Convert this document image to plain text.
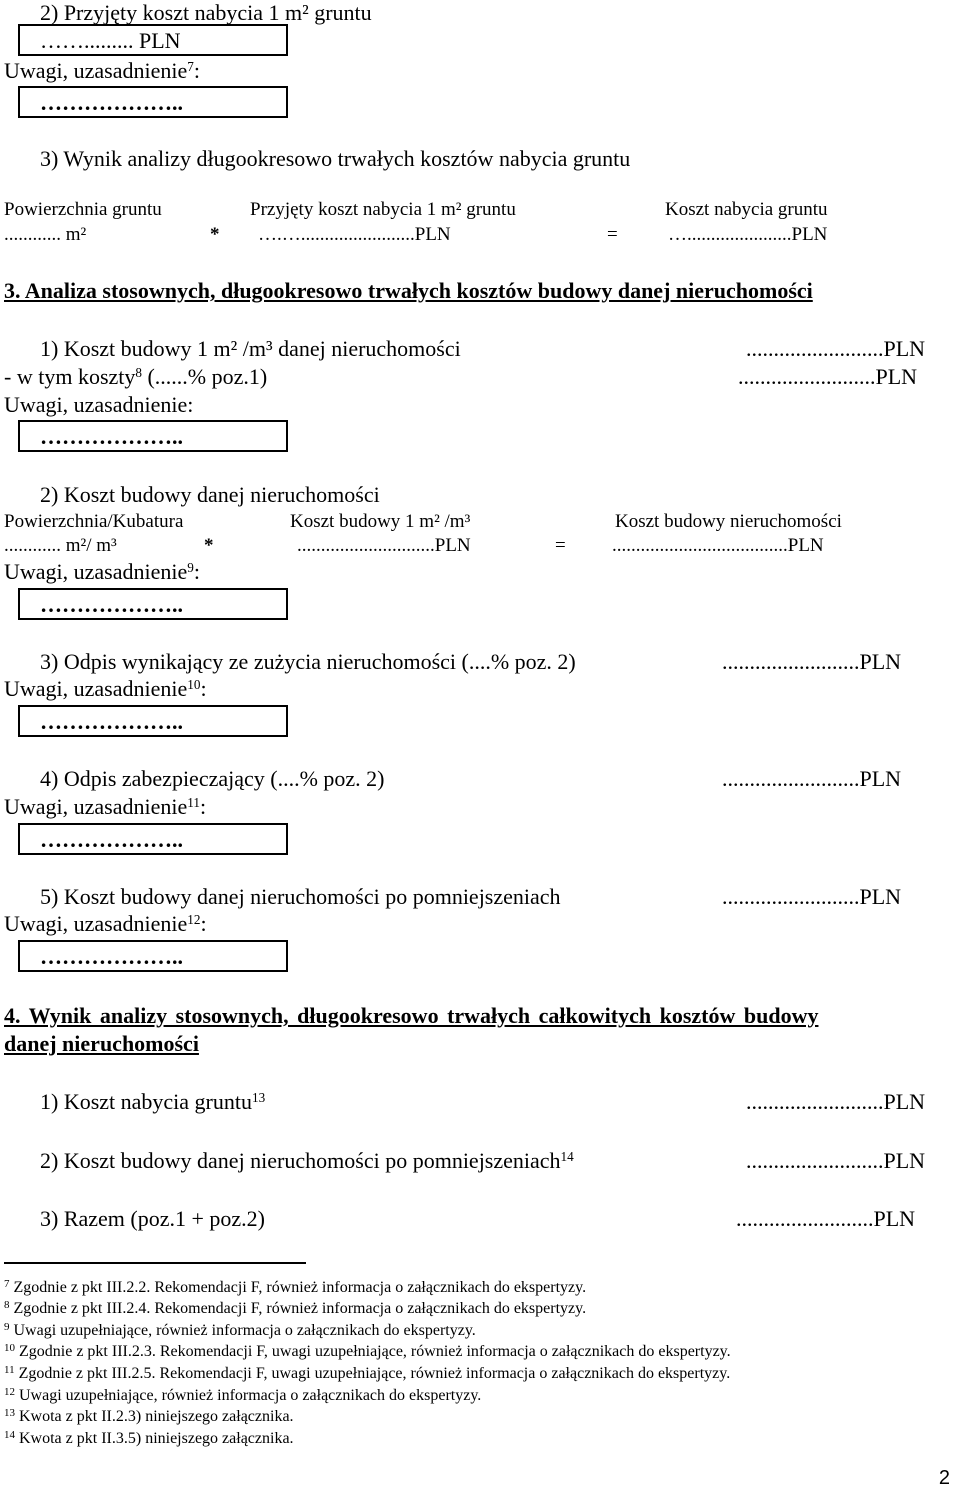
2) Przyjęty koszt nabycia 1 m² gruntu
……......... PLN
Uwagi, uzasadnienie$^7$:
………………..
3) Wynik analizy długookresowo trwałych kosztów nabycia gruntu
Powierzchnia gruntu	Przyjęty koszt nabycia 1 m² gruntu	Koszt nabycia gruntu
............ m²	* ….…........................PLN	=	…......................PLN
3. Analiza stosownych, długookresowo trwałych kosztów budowy danej nieruchomości
1) Koszt budowy 1 m² /m³ danej nieruchomości	.........................PLN
- w tym koszty$^8$ (......% poz.1)	.........................PLN
Uwagi, uzasadnienie:
………………..
2) Koszt budowy danej nieruchomości
Powierzchnia/Kubatura	Koszt budowy 1 m² /m³	Koszt budowy nieruchomości
............ m²/ m³	*	.............................PLN	= .....................................PLN
Uwagi, uzasadnienie$^9$:
………………..
3) Odpis wynikający ze zużycia nieruchomości (....% poz. 2)	.........................PLN
Uwagi, uzasadnienie$^{10}$:
………………..
4) Odpis zabezpieczający (....% poz. 2)	.........................PLN
Uwagi, uzasadnienie$^{11}$:
………………..
5) Koszt budowy danej nieruchomości po pomniejszeniach	.........................PLN
Uwagi, uzasadnienie$^{12}$:
………………..
4. Wynik analizy stosownych, długookresowo trwałych całkowitych kosztów budowy
danej nieruchomości
1) Koszt nabycia gruntu$^{13}$	.........................PLN
2) Koszt budowy danej nieruchomości po pomniejszeniach$^{14}$	.........................PLN
3) Razem (poz.1 + poz.2)	.........................PLN
$^7$ Zgodnie z pkt III.2.2. Rekomendacji F, również informacja o załącznikach do ekspertyzy.
$^8$ Zgodnie z pkt III.2.4. Rekomendacji F, również informacja o załącznikach do ekspertyzy.
$^9$ Uwagi uzupełniające, również informacja o załącznikach do ekspertyzy.
$^{10}$ Zgodnie z pkt III.2.3. Rekomendacji F, uwagi uzupełniające, również informacja o załącznikach do ekspertyzy.
$^{11}$ Zgodnie z pkt III.2.5. Rekomendacji F, uwagi uzupełniające, również informacja o załącznikach do ekspertyzy.
$^{12}$ Uwagi uzupełniające, również informacja o załącznikach do ekspertyzy.
$^{13}$ Kwota z pkt II.2.3) niniejszego załącznika.
$^{14}$ Kwota z pkt II.3.5) niniejszego załącznika.
2
